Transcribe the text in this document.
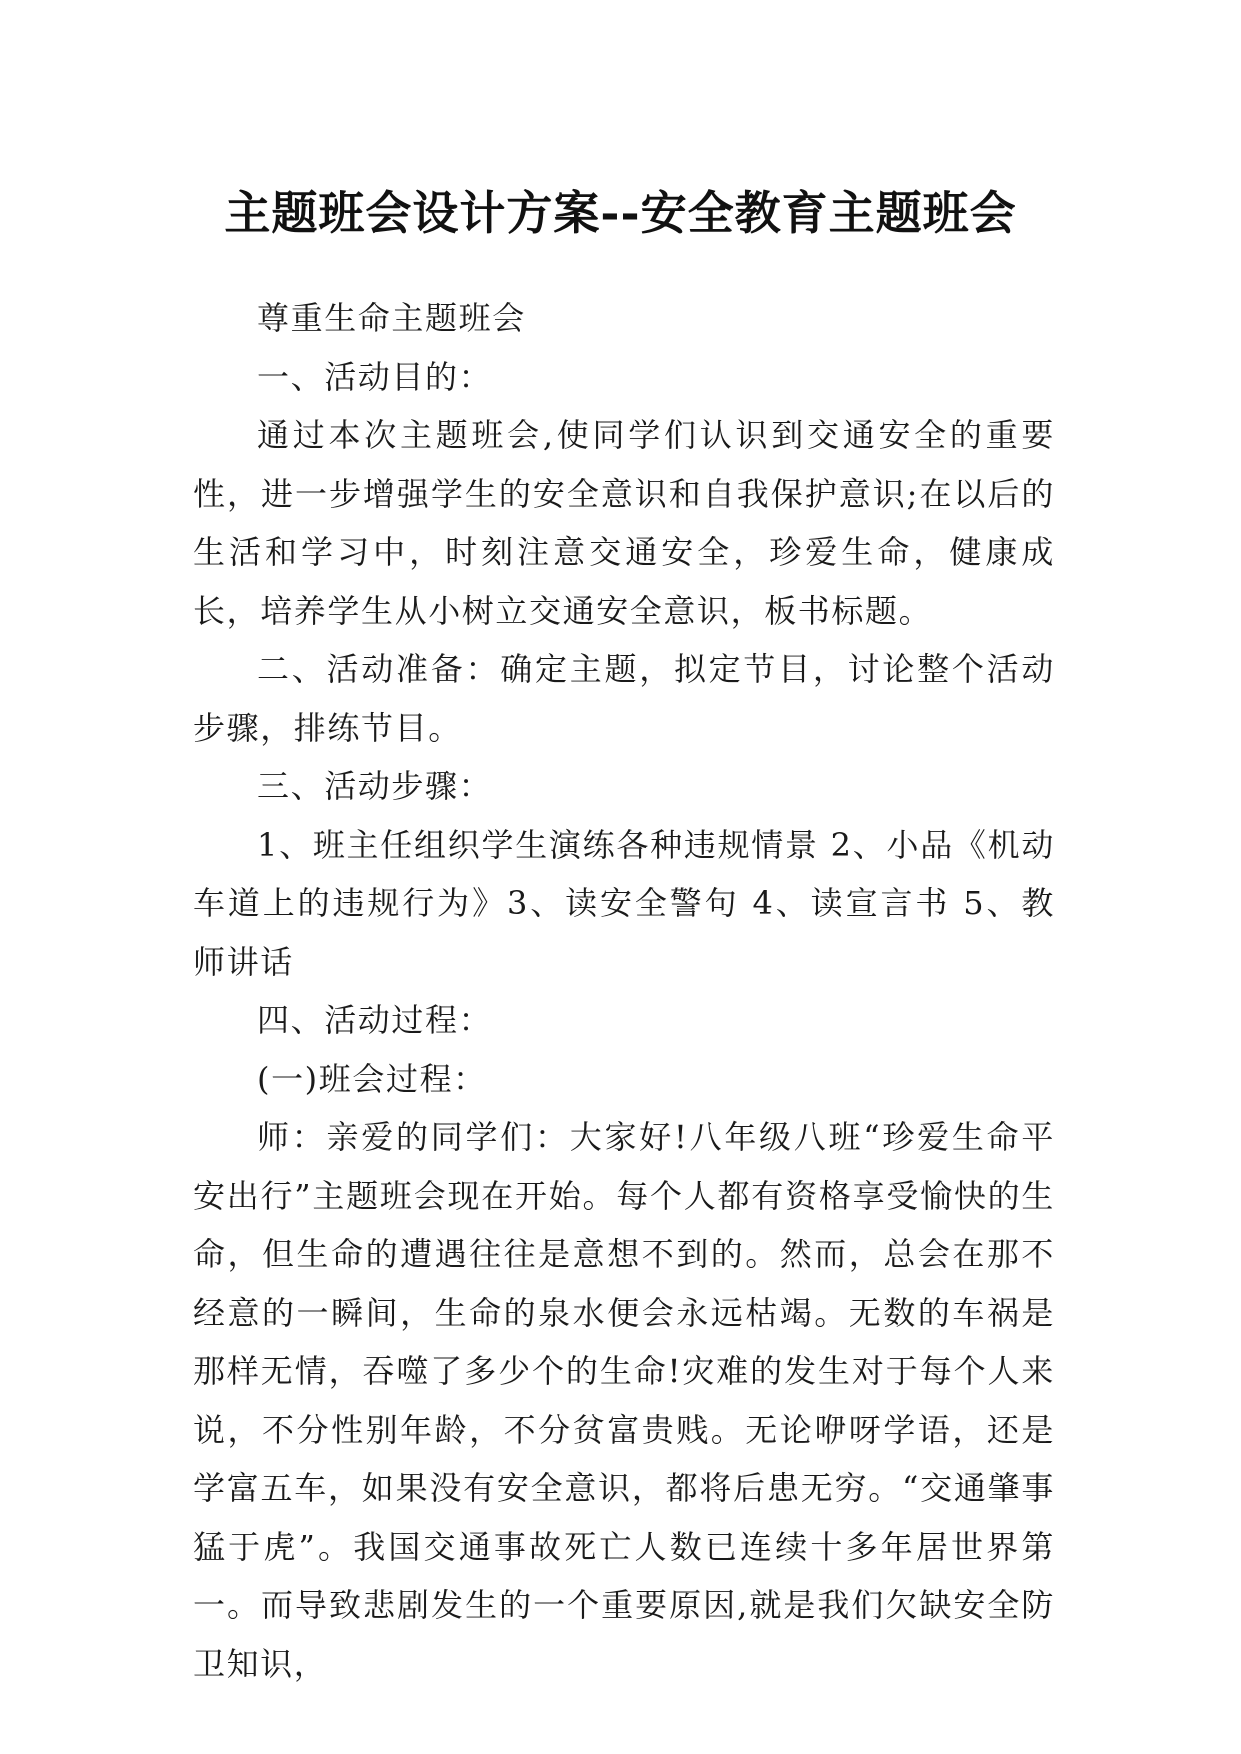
主题班会设计方案--安全教育主题班会

尊重生命主题班会

一、活动目的：

通过本次主题班会,使同学们认识到交通安全的重要性，进一步增强学生的安全意识和自我保护意识;在以后的生活和学习中，时刻注意交通安全，珍爱生命，健康成长，培养学生从小树立交通安全意识，板书标题。

二、活动准备：确定主题，拟定节目，讨论整个活动步骤，排练节目。

三、活动步骤：

1、班主任组织学生演练各种违规情景 2、小品《机动车道上的违规行为》3、读安全警句 4、读宣言书 5、教师讲话

四、活动过程：

(一)班会过程：

师：亲爱的同学们：大家好!八年级八班“珍爱生命平安出行”主题班会现在开始。每个人都有资格享受愉快的生命，但生命的遭遇往往是意想不到的。然而，总会在那不经意的一瞬间，生命的泉水便会永远枯竭。无数的车祸是那样无情，吞噬了多少个的生命!灾难的发生对于每个人来说，不分性别年龄，不分贫富贵贱。无论咿呀学语，还是学富五车，如果没有安全意识，都将后患无穷。“交通肇事猛于虎”。我国交通事故死亡人数已连续十多年居世界第一。而导致悲剧发生的一个重要原因,就是我们欠缺安全防卫知识，
